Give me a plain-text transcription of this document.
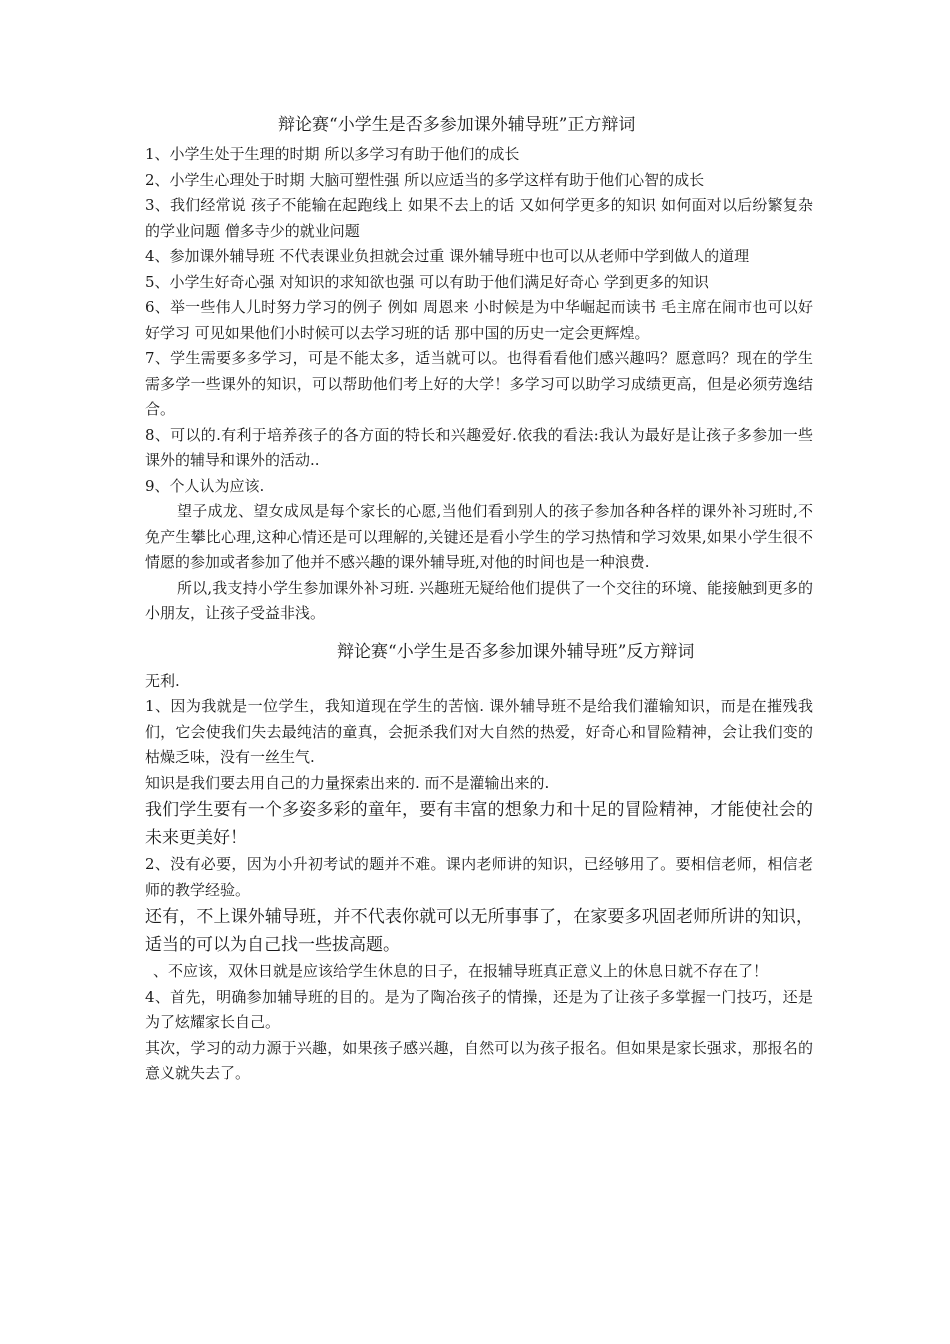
辩论赛“小学生是否多参加课外辅导班”正方辩词

1、小学生处于生理的时期 所以多学习有助于他们的成长

2、小学生心理处于时期 大脑可塑性强 所以应适当的多学这样有助于他们心智的成长

3、我们经常说 孩子不能输在起跑线上 如果不去上的话 又如何学更多的知识 如何面对以后纷繁复杂的学业问题 僧多寺少的就业问题

4、参加课外辅导班 不代表课业负担就会过重 课外辅导班中也可以从老师中学到做人的道理

5、小学生好奇心强 对知识的求知欲也强 可以有助于他们满足好奇心 学到更多的知识

6、举一些伟人儿时努力学习的例子 例如 周恩来 小时候是为中华崛起而读书 毛主席在闹市也可以好好学习 可见如果他们小时候可以去学习班的话 那中国的历史一定会更辉煌。

7、学生需要多多学习，可是不能太多，适当就可以。也得看看他们感兴趣吗？愿意吗？现在的学生需多学一些课外的知识，可以帮助他们考上好的大学！多学习可以助学习成绩更高，但是必须劳逸结合。

8、可以的.有利于培养孩子的各方面的特长和兴趣爱好.依我的看法:我认为最好是让孩子多参加一些课外的辅导和课外的活动..

9、个人认为应该.

望子成龙、望女成凤是每个家长的心愿,当他们看到别人的孩子参加各种各样的课外补习班时,不免产生攀比心理,这种心情还是可以理解的,关键还是看小学生的学习热情和学习效果,如果小学生很不情愿的参加或者参加了他并不感兴趣的课外辅导班,对他的时间也是一种浪费.

所以,我支持小学生参加课外补习班. 兴趣班无疑给他们提供了一个交往的环境、能接触到更多的小朋友，让孩子受益非浅。

辩论赛“小学生是否多参加课外辅导班”反方辩词

无利.

1、因为我就是一位学生，我知道现在学生的苦恼. 课外辅导班不是给我们灌输知识，而是在摧残我们，它会使我们失去最纯洁的童真，会扼杀我们对大自然的热爱，好奇心和冒险精神，会让我们变的枯燥乏味，没有一丝生气.

知识是我们要去用自己的力量探索出来的. 而不是灌输出来的.

我们学生要有一个多姿多彩的童年，要有丰富的想象力和十足的冒险精神，才能使社会的未来更美好！

2、没有必要，因为小升初考试的题并不难。课内老师讲的知识，已经够用了。要相信老师，相信老师的教学经验。

还有，不上课外辅导班，并不代表你就可以无所事事了，在家要多巩固老师所讲的知识，适当的可以为自己找一些拔高题。

、不应该，双休日就是应该给学生休息的日子，在报辅导班真正意义上的休息日就不存在了！

4、首先，明确参加辅导班的目的。是为了陶冶孩子的情操，还是为了让孩子多掌握一门技巧，还是为了炫耀家长自己。

其次，学习的动力源于兴趣，如果孩子感兴趣，自然可以为孩子报名。但如果是家长强求，那报名的意义就失去了。
